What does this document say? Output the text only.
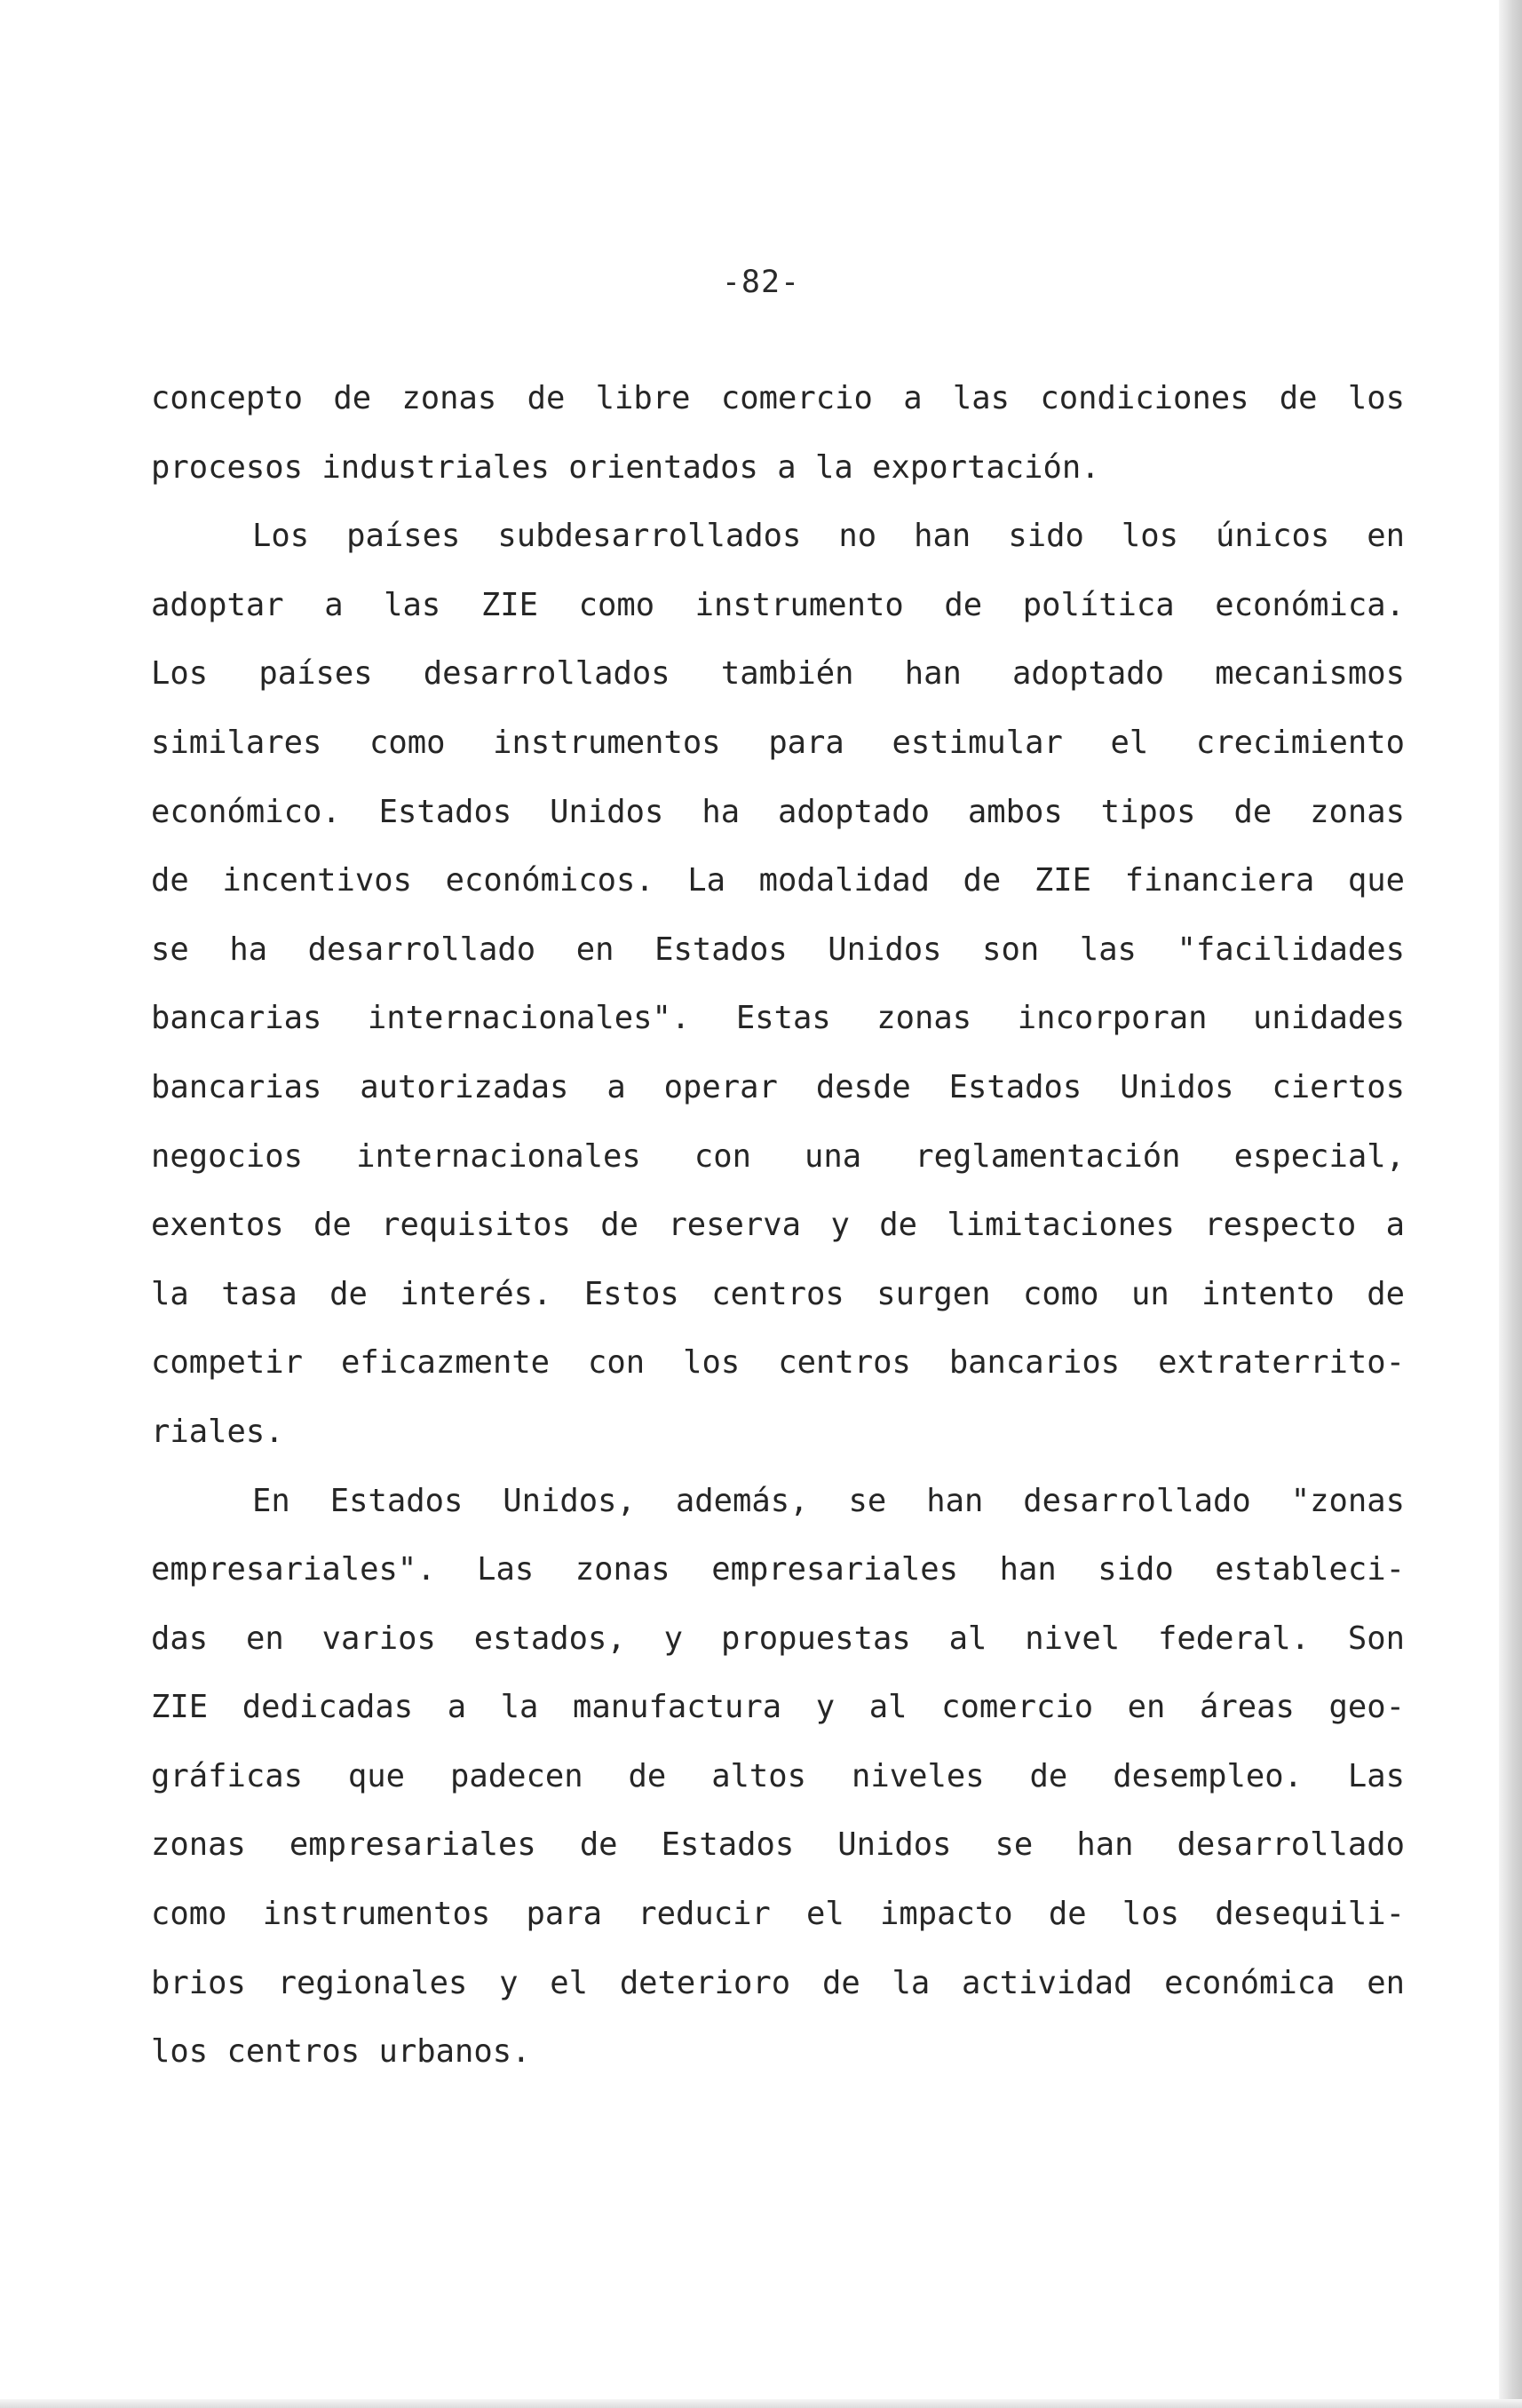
-82-
concepto de zonas de libre comercio a las condiciones de los
procesos industriales orientados a la exportación.
Los países subdesarrollados no han sido los únicos en
adoptar a las ZIE como instrumento de política económica.
Los países desarrollados también han adoptado mecanismos
similares como instrumentos para estimular el crecimiento
económico. Estados Unidos ha adoptado ambos tipos de zonas
de incentivos económicos. La modalidad de ZIE financiera que
se ha desarrollado en Estados Unidos son las "facilidades
bancarias internacionales". Estas zonas incorporan unidades
bancarias autorizadas a operar desde Estados Unidos ciertos
negocios internacionales con una reglamentación especial,
exentos de requisitos de reserva y de limitaciones respecto a
la tasa de interés. Estos centros surgen como un intento de
competir eficazmente con los centros bancarios extraterrito-
riales.
En Estados Unidos, además, se han desarrollado "zonas
empresariales". Las zonas empresariales han sido estableci-
das en varios estados, y propuestas al nivel federal. Son
ZIE dedicadas a la manufactura y al comercio en áreas geo-
gráficas que padecen de altos niveles de desempleo. Las
zonas empresariales de Estados Unidos se han desarrollado
como instrumentos para reducir el impacto de los desequili-
brios regionales y el deterioro de la actividad económica en
los centros urbanos.
